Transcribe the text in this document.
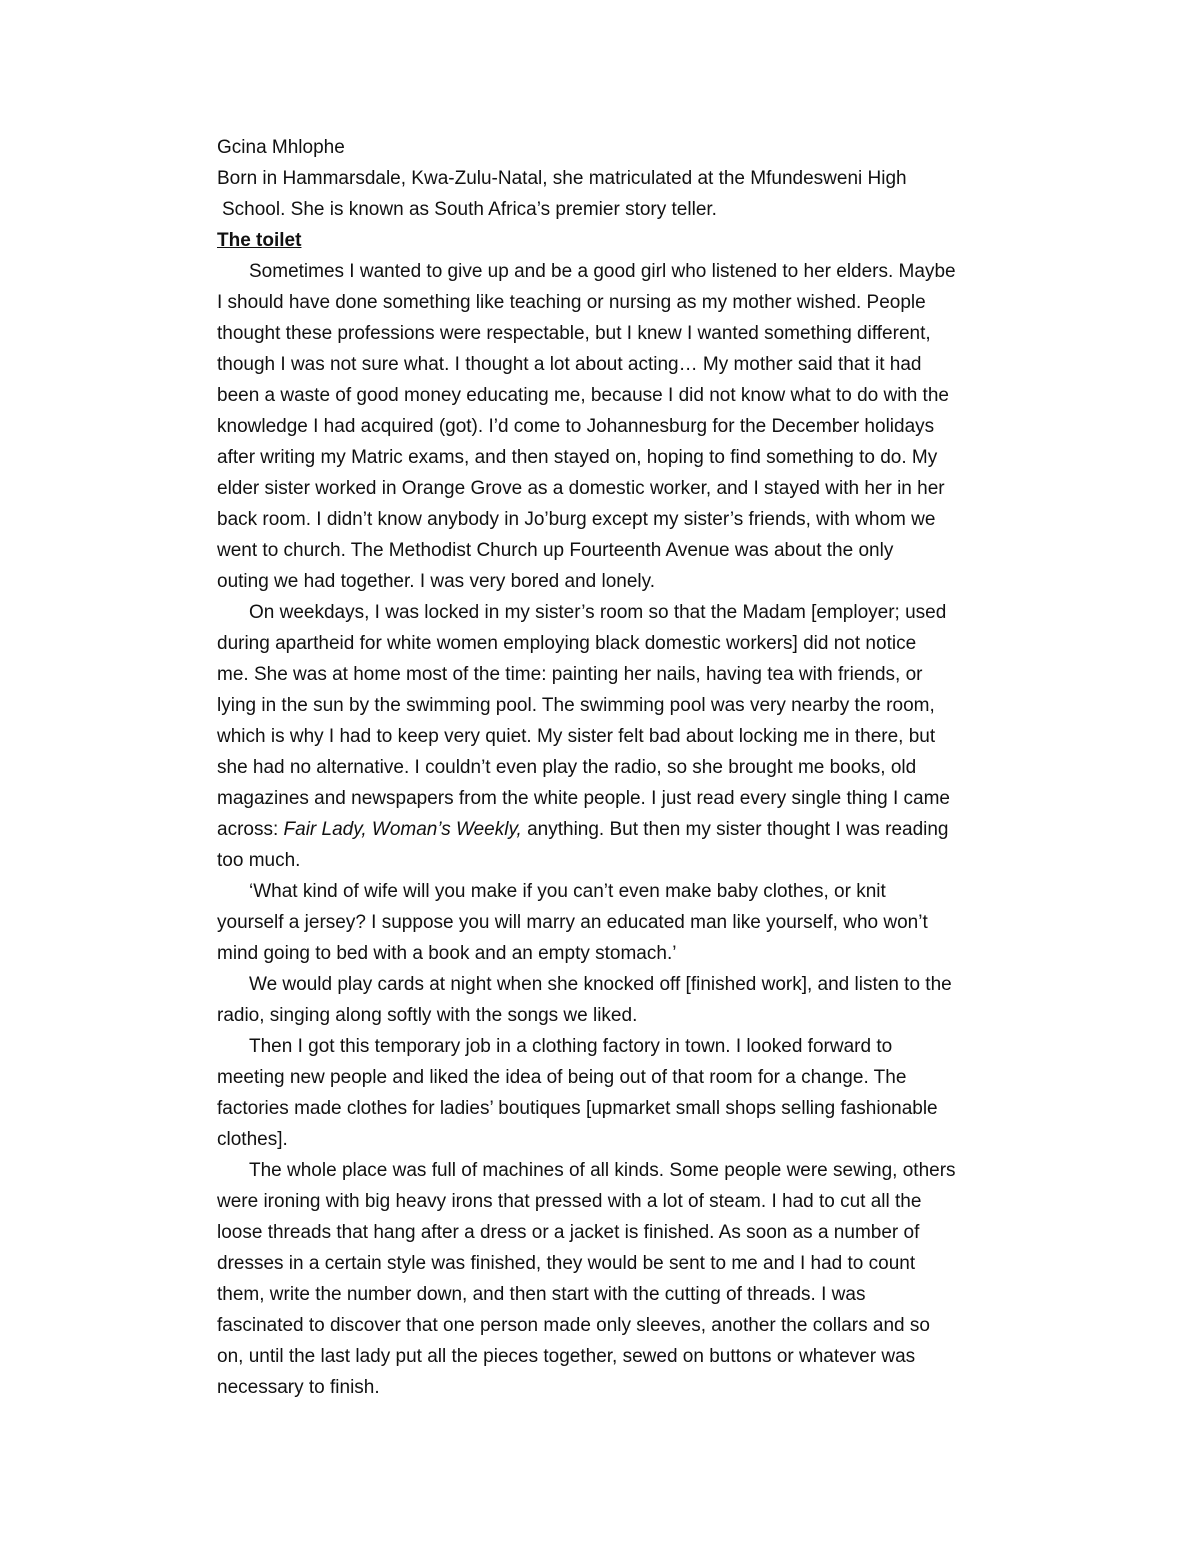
Gcina Mhlophe
Born in Hammarsdale, Kwa-Zulu-Natal, she matriculated at the Mfundesweni High
School. She is known as South Africa’s premier story teller.
The toilet
Sometimes I wanted to give up and be a good girl who listened to her elders. Maybe
I should have done something like teaching or nursing as my mother wished. People
thought these professions were respectable, but I knew I wanted something different,
though I was not sure what. I thought a lot about acting… My mother said that it had
been a waste of good money educating me, because I did not know what to do with the
knowledge I had acquired (got). I’d come to Johannesburg for the December holidays
after writing my Matric exams, and then stayed on, hoping to find something to do. My
elder sister worked in Orange Grove as a domestic worker, and I stayed with her in her
back room. I didn’t know anybody in Jo’burg except my sister’s friends, with whom we
went to church. The Methodist Church up Fourteenth Avenue was about the only
outing we had together. I was very bored and lonely.
On weekdays, I was locked in my sister’s room so that the Madam [employer; used
during apartheid for white women employing black domestic workers] did not notice
me. She was at home most of the time: painting her nails, having tea with friends, or
lying in the sun by the swimming pool. The swimming pool was very nearby the room,
which is why I had to keep very quiet. My sister felt bad about locking me in there, but
she had no alternative. I couldn’t even play the radio, so she brought me books, old
magazines and newspapers from the white people. I just read every single thing I came
across: Fair Lady, Woman’s Weekly, anything. But then my sister thought I was reading
too much.
‘What kind of wife will you make if you can’t even make baby clothes, or knit
yourself a jersey? I suppose you will marry an educated man like yourself, who won’t
mind going to bed with a book and an empty stomach.’
We would play cards at night when she knocked off [finished work], and listen to the
radio, singing along softly with the songs we liked.
Then I got this temporary job in a clothing factory in town. I looked forward to
meeting new people and liked the idea of being out of that room for a change. The
factories made clothes for ladies’ boutiques [upmarket small shops selling fashionable
clothes].
The whole place was full of machines of all kinds. Some people were sewing, others
were ironing with big heavy irons that pressed with a lot of steam. I had to cut all the
loose threads that hang after a dress or a jacket is finished. As soon as a number of
dresses in a certain style was finished, they would be sent to me and I had to count
them, write the number down, and then start with the cutting of threads. I was
fascinated to discover that one person made only sleeves, another the collars and so
on, until the last lady put all the pieces together, sewed on buttons or whatever was
necessary to finish.
